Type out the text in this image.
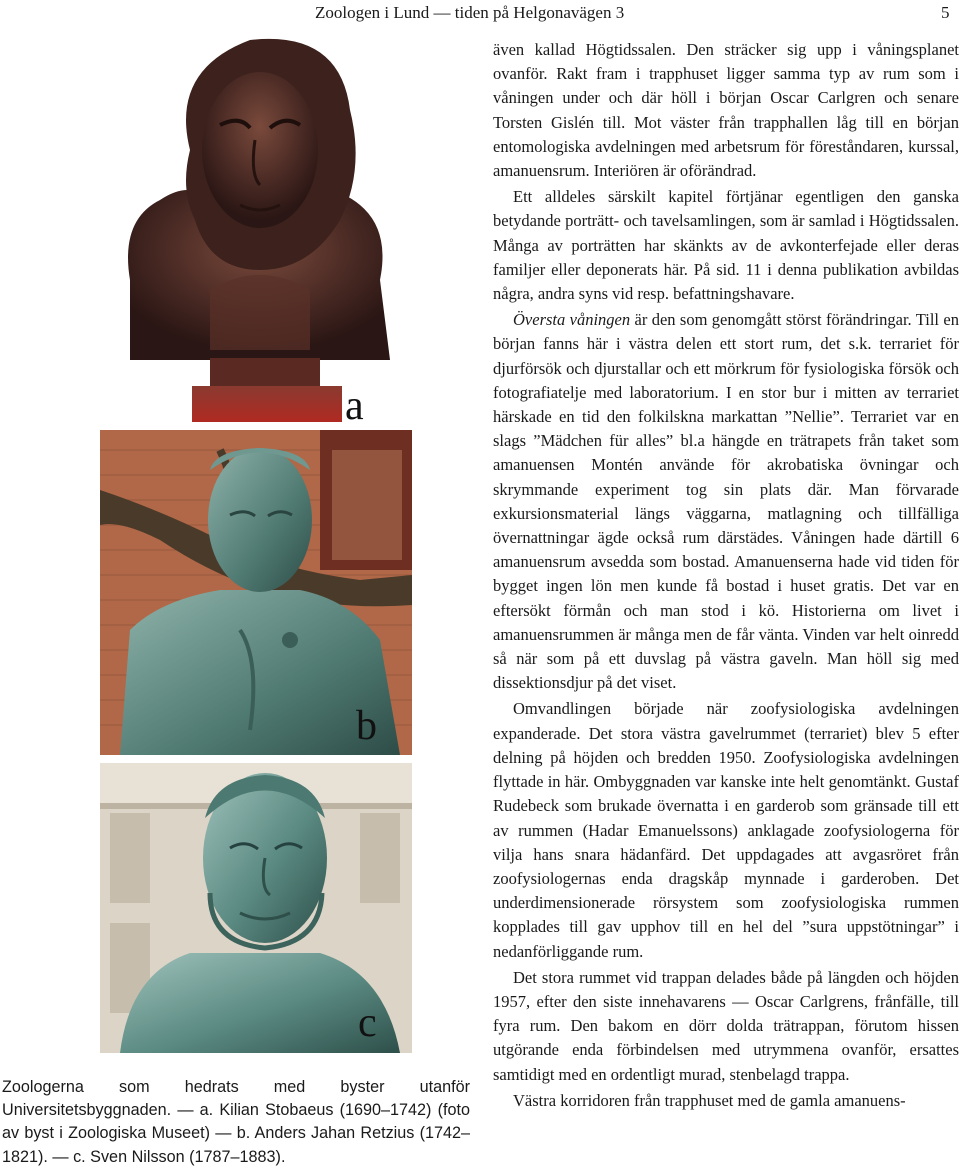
Zoologen i Lund — tiden på Helgonavägen 3	5
a
b
c

Zoologerna som hedrats med byster utanför Universitetsbyggnaden. — a. Kilian Stobaeus (1690–1742) (foto av byst i Zoologiska Museet) — b. Anders Jahan Retzius (1742–1821). — c. Sven Nilsson (1787–1883).

även kallad Högtidssalen. Den sträcker sig upp i våningsplanet ovanför. Rakt fram i trapphuset ligger samma typ av rum som i våningen under och där höll i början Oscar Carlgren och senare Torsten Gislén till. Mot väster från trapphallen låg till en början entomologiska avdelningen med arbetsrum för föreståndaren, kurssal, amanuensrum. Interiören är oförändrad.

Ett alldeles särskilt kapitel förtjänar egentligen den ganska betydande porträtt- och tavelsamlingen, som är samlad i Högtidssalen. Många av porträtten har skänkts av de avkonterfejade eller deras familjer eller deponerats här. På sid. 11 i denna publikation avbildas några, andra syns vid resp. befattningshavare.

Översta våningen är den som genomgått störst förändringar. Till en början fanns här i västra delen ett stort rum, det s.k. terrariet för djurförsök och djurstallar och ett mörkrum för fysiologiska försök och fotografiatelje med laboratorium. I en stor bur i mitten av terrariet härskade en tid den folkilskna markattan ”Nellie”. Terrariet var en slags ”Mädchen für alles” bl.a hängde en trätrapets från taket som amanuensen Montén använde för akrobatiska övningar och skrymmande experiment tog sin plats där. Man förvarade exkursionsmaterial längs väggarna, matlagning och tillfälliga övernattningar ägde också rum därstädes. Våningen hade därtill 6 amanuensrum avsedda som bostad. Amanuenserna hade vid tiden för bygget ingen lön men kunde få bostad i huset gratis. Det var en eftersökt förmån och man stod i kö. Historierna om livet i amanuensrummen är många men de får vänta. Vinden var helt oinredd så när som på ett duvslag på västra gaveln. Man höll sig med dissektionsdjur på det viset.

Omvandlingen började när zoofysiologiska avdelningen expanderade. Det stora västra gavelrummet (terrariet) blev 5 efter delning på höjden och bredden 1950. Zoofysiologiska avdelningen flyttade in här. Ombyggnaden var kanske inte helt genomtänkt. Gustaf Rudebeck som brukade övernatta i en garderob som gränsade till ett av rummen (Hadar Emanuelssons) anklagade zoofysiologerna för vilja hans snara hädanfärd. Det uppdagades att avgasröret från zoofysiologernas enda dragskåp mynnade i garderoben. Det underdimensionerade rörsystem som zoofysiologiska rummen kopplades till gav upphov till en hel del ”sura uppstötningar” i nedanförliggande rum.

Det stora rummet vid trappan delades både på längden och höjden 1957, efter den siste innehavarens — Oscar Carlgrens, frånfälle, till fyra rum. Den bakom en dörr dolda trätrappan, förutom hissen utgörande enda förbindelsen med utrymmena ovanför, ersattes samtidigt med en ordentligt murad, stenbelagd trappa.

Västra korridoren från trapphuset med de gamla amanuens-
